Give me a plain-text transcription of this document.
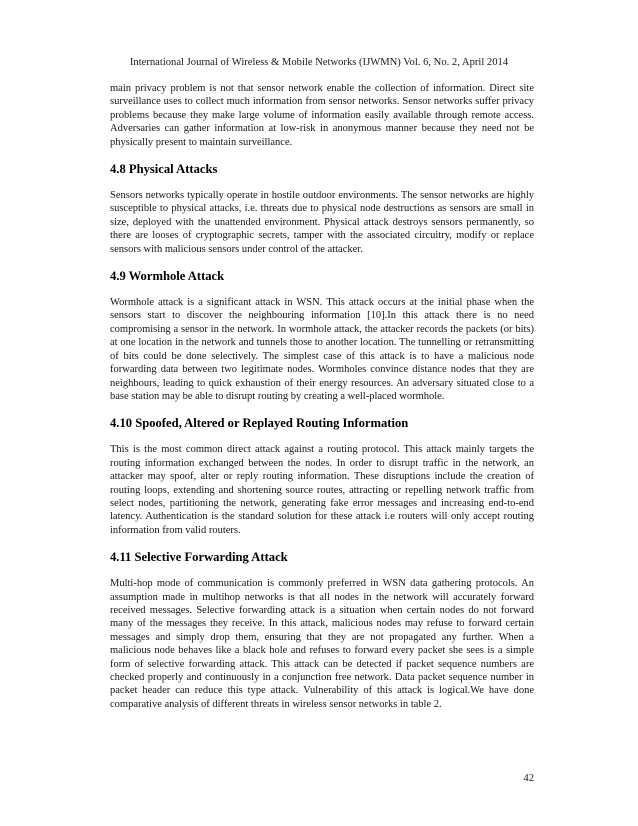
International Journal of Wireless & Mobile Networks (IJWMN) Vol. 6, No. 2, April 2014

main privacy problem is not that sensor network enable the collection of information. Direct site surveillance uses to collect much information from sensor networks. Sensor networks suffer privacy problems because they make large volume of information easily available through remote access. Adversaries can gather information at low-risk in anonymous manner because they need not be physically present to maintain surveillance.

4.8 Physical Attacks

Sensors networks typically operate in hostile outdoor environments. The sensor networks are highly susceptible to physical attacks, i.e. threats due to physical node destructions as sensors are small in size, deployed with the unattended environment. Physical attack destroys sensors permanently, so there are looses of cryptographic secrets, tamper with the associated circuitry, modify or replace sensors with malicious sensors under control of the attacker.

4.9 Wormhole Attack

Wormhole attack is a significant attack in WSN. This attack occurs at the initial phase when the sensors start to discover the neighbouring information [10].In this attack there is no need compromising a sensor in the network. In wormhole attack, the attacker records the packets (or bits) at one location in the network and tunnels those to another location. The tunnelling or retransmitting of bits could be done selectively. The simplest case of this attack is to have a malicious node forwarding data between two legitimate nodes. Wormholes convince distance nodes that they are neighbours, leading to quick exhaustion of their energy resources. An adversary situated close to a base station may be able to disrupt routing by creating a well-placed wormhole.

4.10 Spoofed, Altered or Replayed Routing Information

This is the most common direct attack against a routing protocol. This attack mainly targets the routing information exchanged between the nodes. In order to disrupt traffic in the network, an attacker may spoof, alter or reply routing information. These disruptions include the creation of routing loops, extending and shortening source routes, attracting or repelling network traffic from select nodes, partitioning the network, generating fake error messages and increasing end-to-end latency. Authentication is the standard solution for these attack i.e routers will only accept routing information from valid routers.

4.11 Selective Forwarding Attack

Multi-hop mode of communication is commonly preferred in WSN data gathering protocols. An assumption made in multihop networks is that all nodes in the network will accurately forward received messages. Selective forwarding attack is a situation when certain nodes do not forward many of the messages they receive. In this attack, malicious nodes may refuse to forward certain messages and simply drop them, ensuring that they are not propagated any further. When a malicious node behaves like a black hole and refuses to forward every packet she sees is a simple form of selective forwarding attack. This attack can be detected if packet sequence numbers are checked properly and continuously in a conjunction free network. Data packet sequence number in packet header can reduce this type attack. Vulnerability of this attack is logical.We have done comparative analysis of different threats in wireless sensor networks in table 2.

42
